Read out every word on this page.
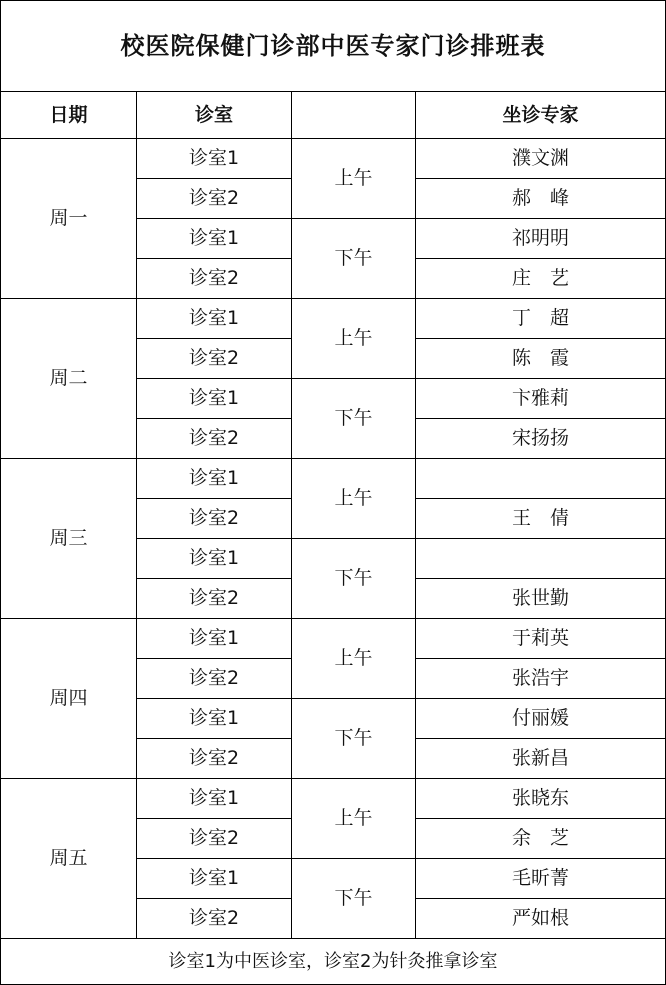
校医院保健门诊部中医专家门诊排班表			
日期	诊室		坐诊专家
周一	诊室1	上午	濮文渊
	诊室2		郝　峰
	诊室1	下午	祁明明
	诊室2		庄　艺
周二	诊室1	上午	丁　超
	诊室2		陈　霞
	诊室1	下午	卞雅莉
	诊室2		宋扬扬
周三	诊室1	上午	
	诊室2		王　倩
	诊室1	下午	
	诊室2		张世勤
周四	诊室1	上午	于莉英
	诊室2		张浩宇
	诊室1	下午	付丽媛
	诊室2		张新昌
周五	诊室1	上午	张晓东
	诊室2		余　芝
	诊室1	下午	毛昕菁
	诊室2		严如根
诊室1为中医诊室，诊室2为针灸推拿诊室			
